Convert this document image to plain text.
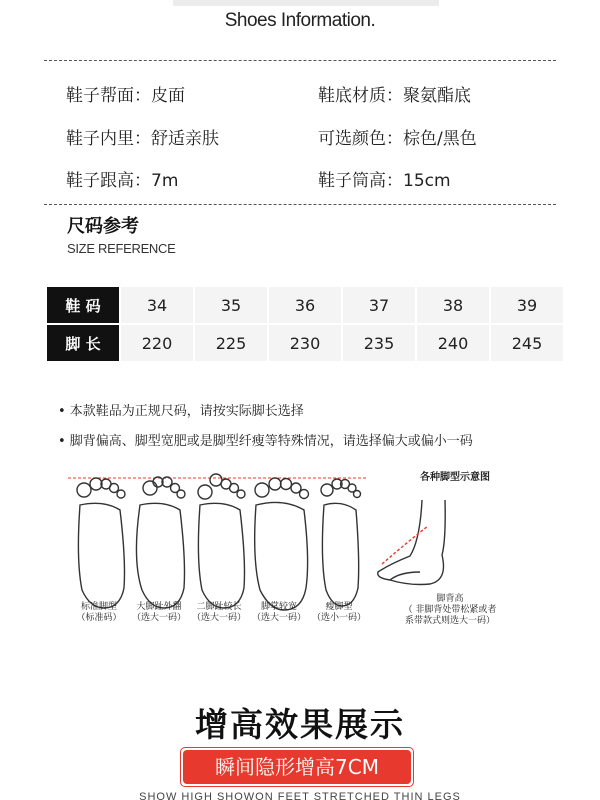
Shoes Information.
鞋子帮面：皮面	鞋底材质：聚氨酯底
鞋子内里：舒适亲肤	可选颜色：棕色/黑色
鞋子跟高：7m	鞋子筒高：15cm
尺码参考
SIZE REFERENCE
鞋 码	34	35	36	37	38	39
脚 长	220	225	230	235	240	245
• 本款鞋品为正规尺码，请按实际脚长选择
• 脚背偏高、脚型宽肥或是脚型纤瘦等特殊情况，请选择偏大或偏小一码
标准脚型
（标准码）
大脚趾外翻
（选大一码）
二脚趾较长
（选大一码）
脚掌较宽
（选大一码）
瘦脚型
（选小一码）
各种脚型示意图
脚背高
（ 非脚背处带松紧或者
系带款式则选大一码）
增高效果展示
瞬间隐形增高7CM
SHOW HIGH SHOWON FEET STRETCHED THIN LEGS
